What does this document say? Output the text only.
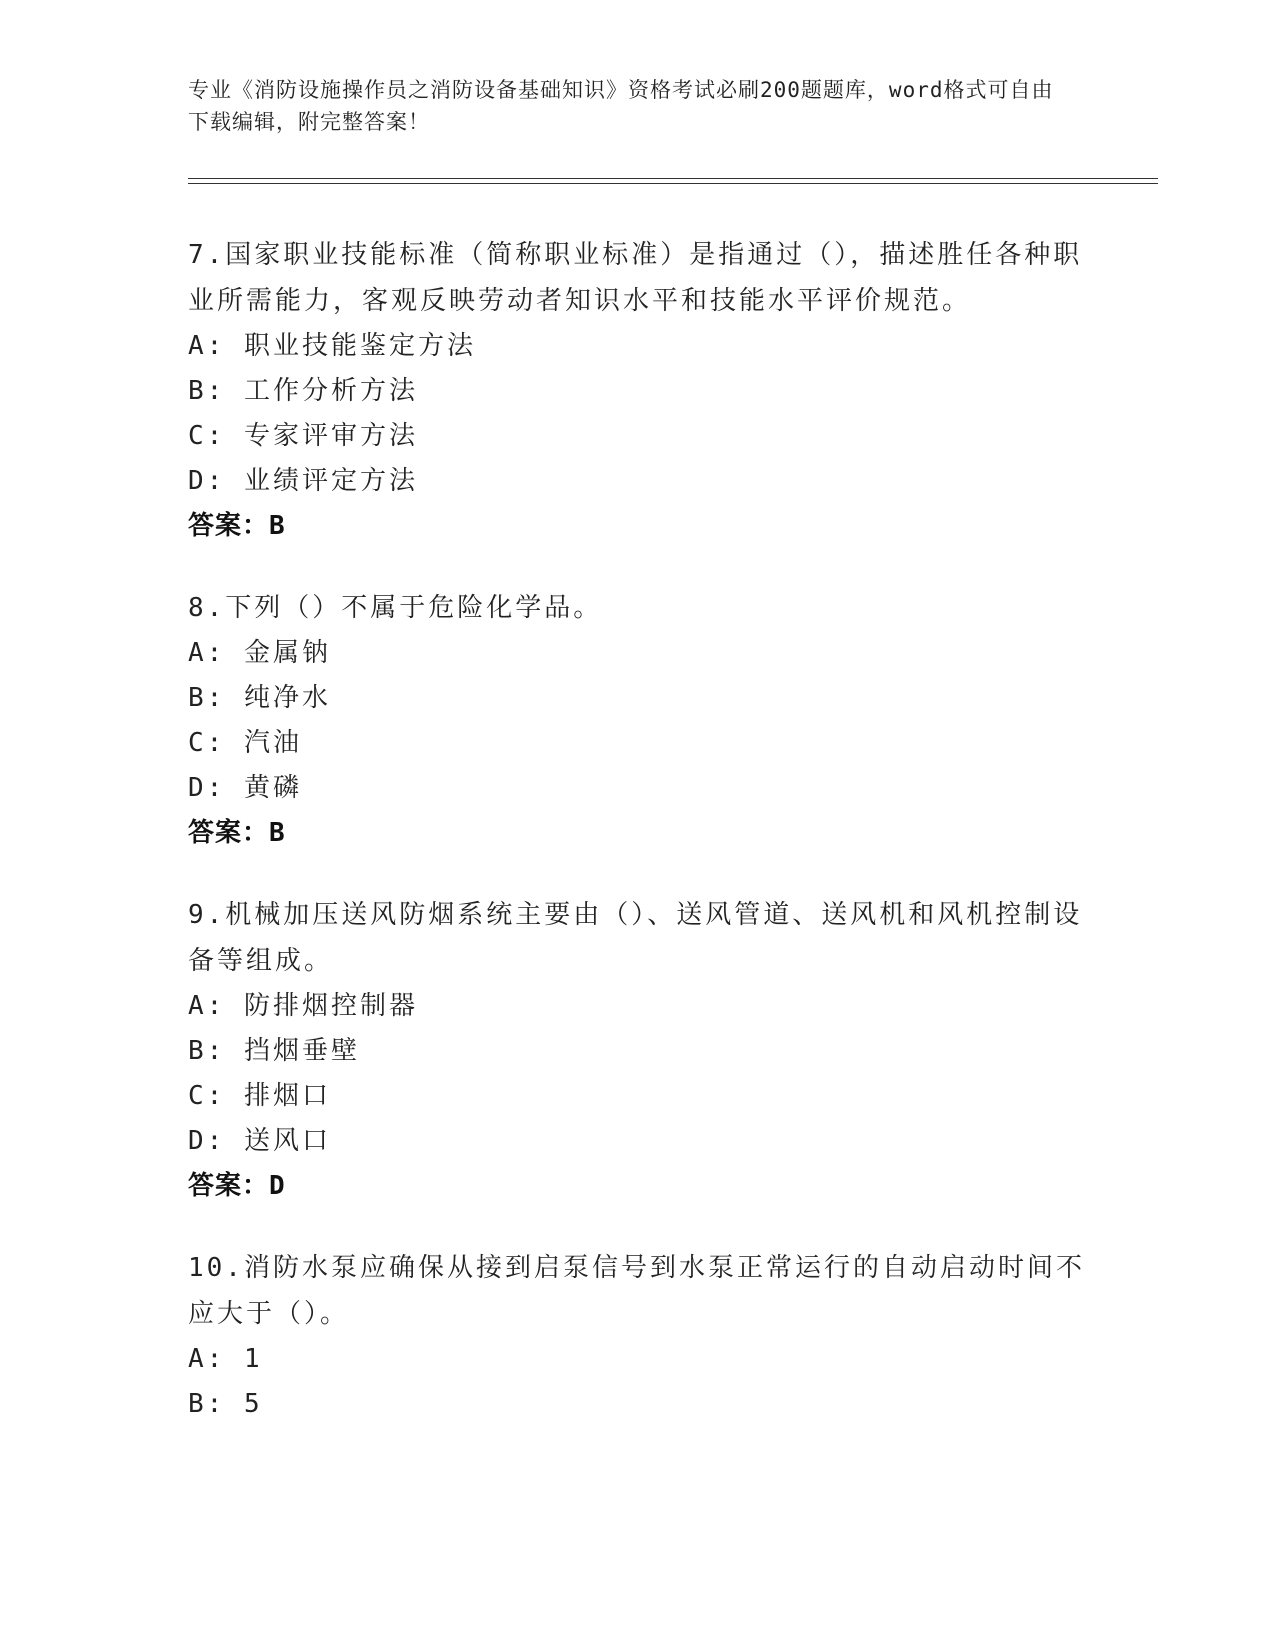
专业《消防设施操作员之消防设备基础知识》资格考试必刷200题题库，word格式可自由下载编辑，附完整答案！

7.国家职业技能标准（简称职业标准）是指通过（），描述胜任各种职业所需能力，客观反映劳动者知识水平和技能水平评价规范。

A: 职业技能鉴定方法
B: 工作分析方法
C: 专家评审方法
D: 业绩评定方法
答案：B

8.下列（）不属于危险化学品。

A: 金属钠
B: 纯净水
C: 汽油
D: 黄磷
答案：B

9.机械加压送风防烟系统主要由（）、送风管道、送风机和风机控制设备等组成。

A: 防排烟控制器
B: 挡烟垂壁
C: 排烟口
D: 送风口
答案：D

10.消防水泵应确保从接到启泵信号到水泵正常运行的自动启动时间不应大于（）。

A: 1
B: 5
